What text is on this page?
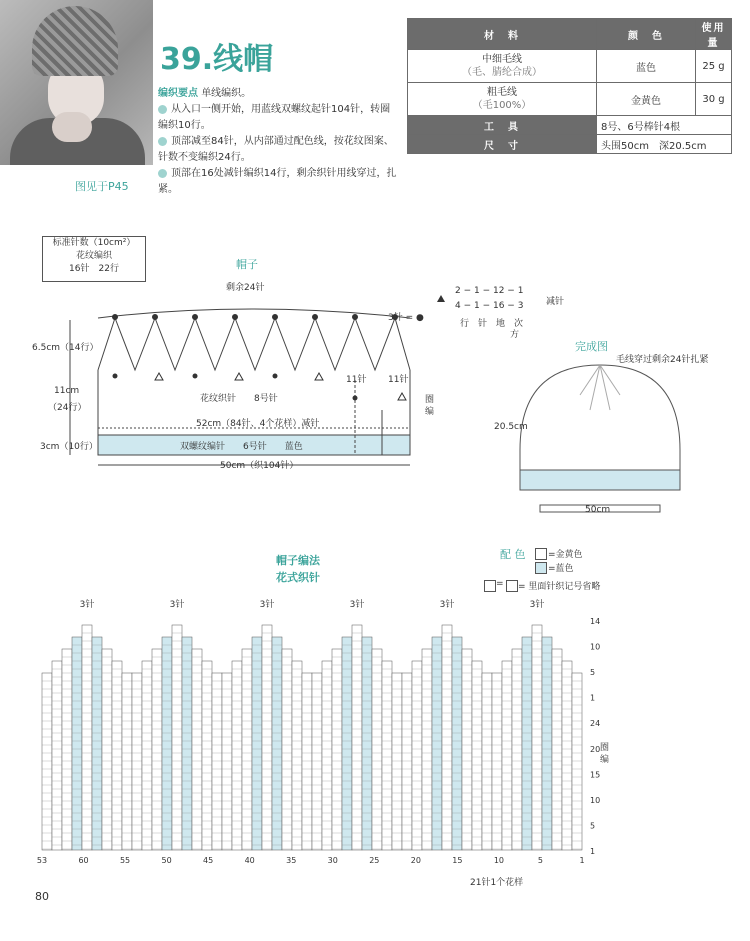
39.线帽
图见于P45
编织要点 单线编织。
从入口一侧开始，用蓝线双螺纹起针104针，转圈编织10行。
顶部减至84针，从内部通过配色线，按花纹图案、针数不变编织24行。
顶部在16处减针编织14行，剩余织针用线穿过，扎紧。
材　料	颜　色	使用量
中细毛线
（毛、腈纶合成）	蓝色	25 g
粗毛线
（毛100%）	金黄色	30 g
工　具	8号、6号棒针4根	
尺　寸	头围50cm　深20.5cm	
标准针数（10cm²）
花纹编织
16针　22行	帽子
剩余24针
3针 = ●
2 − 1 − 12 − 1
4 − 1 − 16 − 3
行　针　地　次
方
减针
6.5cm（14行）
11cm
（24行）
3cm（10行）
花纹织针　　8号针
11针 11针
圈
编
52cm（84针、4个花样）减针
双螺纹编针　　6号针　　蓝色
50cm（织104针）
完成图
毛线穿过剩余24针扎紧
20.5cm
50cm
帽子编法
花式织针
配 色	=金黄色
=蓝色
= = 里面针织记号省略
3针	3针	3针	3针	3针	3针
53	60	55	50	45	40	35	30	25	20	15	10	5	1
14
10
5
1
24
20
15
10
5
1
21针1个花样
圈
编
80
